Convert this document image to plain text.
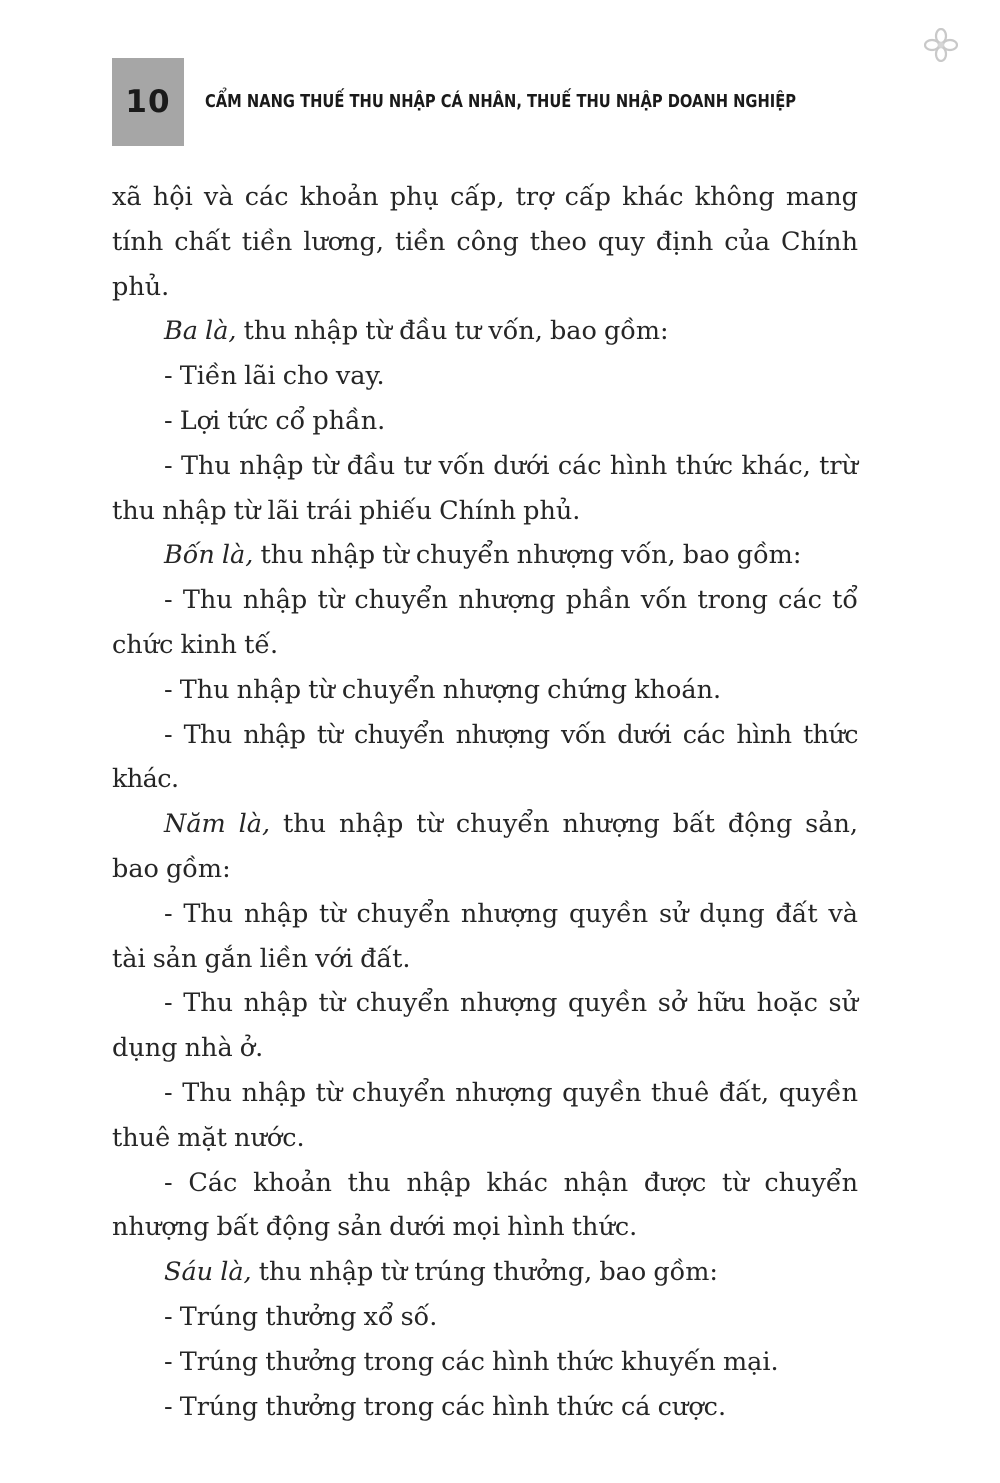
10 CẨM NANG THUẾ THU NHẬP CÁ NHÂN, THUẾ THU NHẬP DOANH NGHIỆP

xã hội và các khoản phụ cấp, trợ cấp khác không mang tính chất tiền lương, tiền công theo quy định của Chính phủ.

Ba là, thu nhập từ đầu tư vốn, bao gồm:

- Tiền lãi cho vay.

- Lợi tức cổ phần.

- Thu nhập từ đầu tư vốn dưới các hình thức khác, trừ thu nhập từ lãi trái phiếu Chính phủ.

Bốn là, thu nhập từ chuyển nhượng vốn, bao gồm:

- Thu nhập từ chuyển nhượng phần vốn trong các tổ chức kinh tế.

- Thu nhập từ chuyển nhượng chứng khoán.

- Thu nhập từ chuyển nhượng vốn dưới các hình thức khác.

Năm là, thu nhập từ chuyển nhượng bất động sản, bao gồm:

- Thu nhập từ chuyển nhượng quyền sử dụng đất và tài sản gắn liền với đất.

- Thu nhập từ chuyển nhượng quyền sở hữu hoặc sử dụng nhà ở.

- Thu nhập từ chuyển nhượng quyền thuê đất, quyền thuê mặt nước.

- Các khoản thu nhập khác nhận được từ chuyển nhượng bất động sản dưới mọi hình thức.

Sáu là, thu nhập từ trúng thưởng, bao gồm:

- Trúng thưởng xổ số.

- Trúng thưởng trong các hình thức khuyến mại.

- Trúng thưởng trong các hình thức cá cược.
